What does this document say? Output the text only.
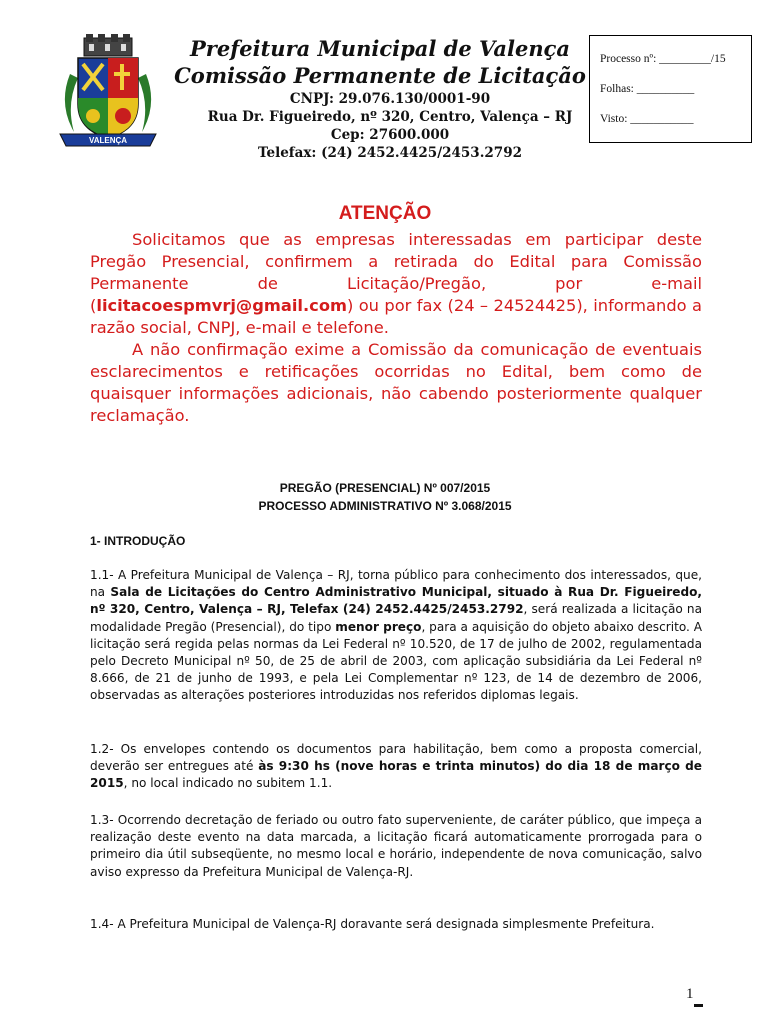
VALENÇA
Prefeitura Municipal de Valença
Comissão Permanente de Licitação
CNPJ: 29.076.130/0001-90
Rua Dr. Figueiredo, nº 320, Centro, Valença – RJ
Cep: 27600.000
Telefax: (24) 2452.4425/2453.2792
Processo nº: _________/15
Folhas: __________
Visto: ___________
ATENÇÃO

Solicitamos que as empresas interessadas em participar deste Pregão Presencial, confirmem a retirada do Edital para Comissão Permanente de Licitação/Pregão, por e-mail (licitacoespmvrj@gmail.com) ou por fax (24 – 24524425), informando a razão social, CNPJ, e-mail e telefone.

A não confirmação exime a Comissão da comunicação de eventuais esclarecimentos e retificações ocorridas no Edital, bem como de quaisquer informações adicionais, não cabendo posteriormente qualquer reclamação.

PREGÃO (PRESENCIAL) Nº 007/2015
PROCESSO ADMINISTRATIVO Nº 3.068/2015
1- INTRODUÇÃO

1.1- A Prefeitura Municipal de Valença – RJ, torna público para conhecimento dos interessados, que, na Sala de Licitações do Centro Administrativo Municipal, situado à Rua Dr. Figueiredo, nº 320, Centro, Valença – RJ, Telefax (24) 2452.4425/2453.2792, será realizada a licitação na modalidade Pregão (Presencial), do tipo menor preço, para a aquisição do objeto abaixo descrito. A licitação será regida pelas normas da Lei Federal nº 10.520, de 17 de julho de 2002, regulamentada pelo Decreto Municipal nº 50, de 25 de abril de 2003, com aplicação subsidiária da Lei Federal nº 8.666, de 21 de junho de 1993, e pela Lei Complementar nº 123, de 14 de dezembro de 2006, observadas as alterações posteriores introduzidas nos referidos diplomas legais.

1.2- Os envelopes contendo os documentos para habilitação, bem como a proposta comercial, deverão ser entregues até às 9:30 hs (nove horas e trinta minutos) do dia 18 de março de 2015, no local indicado no subitem 1.1.

1.3- Ocorrendo decretação de feriado ou outro fato superveniente, de caráter público, que impeça a realização deste evento na data marcada, a licitação ficará automaticamente prorrogada para o primeiro dia útil subseqüente, no mesmo local e horário, independente de nova comunicação, salvo aviso expresso da Prefeitura Municipal de Valença-RJ.

1.4- A Prefeitura Municipal de Valença-RJ doravante será designada simplesmente Prefeitura.

1
